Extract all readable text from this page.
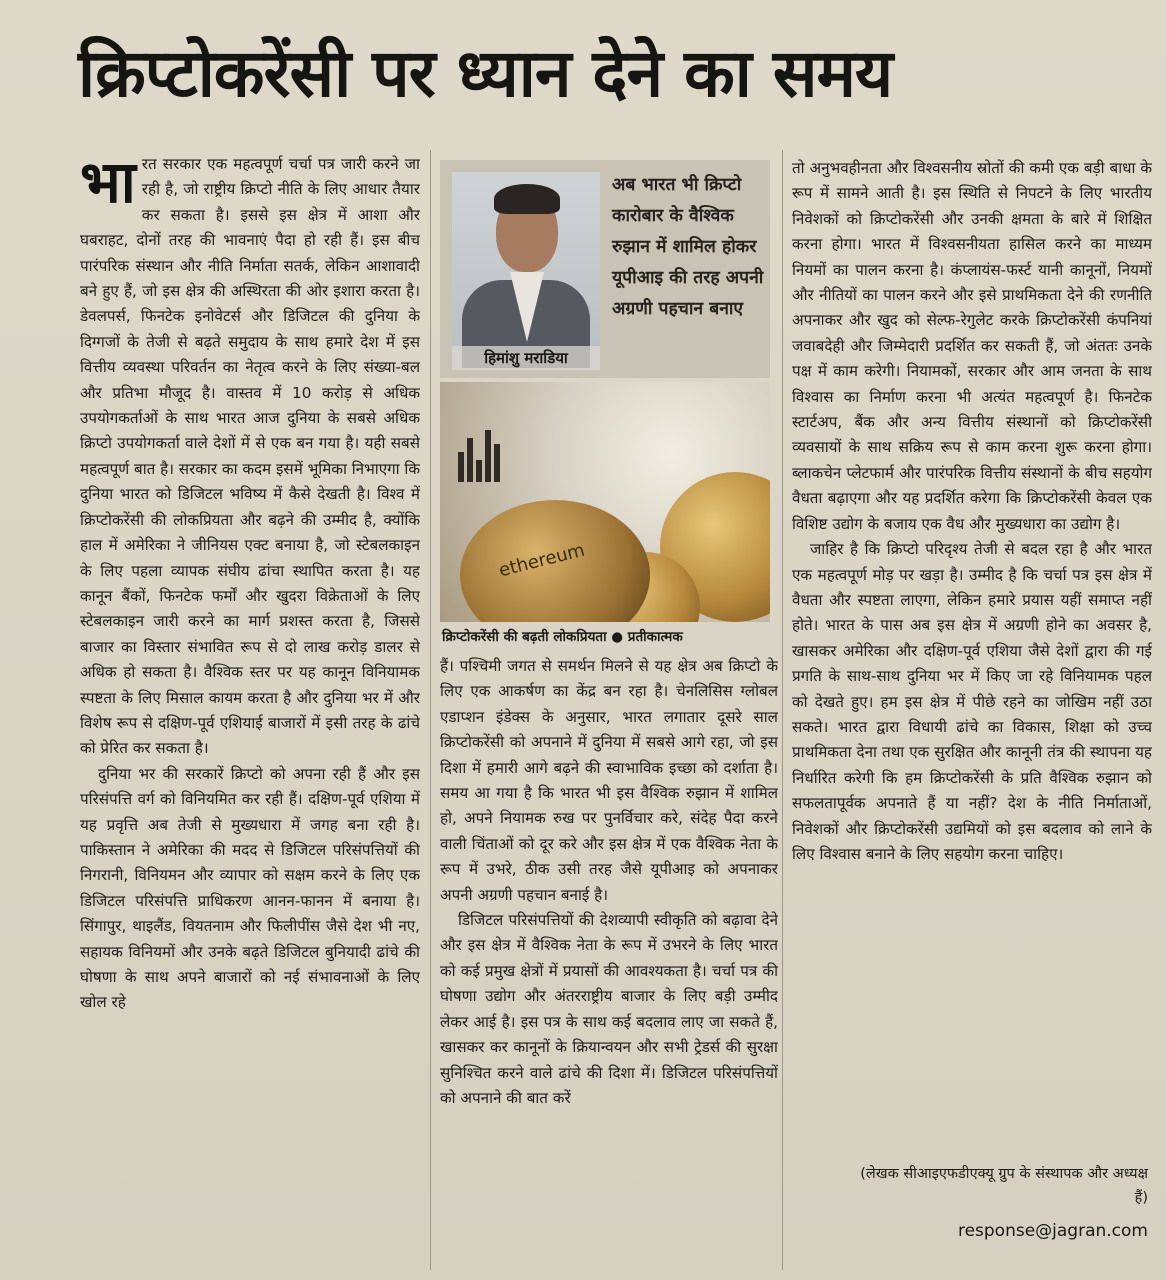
क्रिप्टोकरेंसी पर ध्यान देने का समय

भारत सरकार एक महत्वपूर्ण चर्चा पत्र जारी करने जा रही है, जो राष्ट्रीय क्रिप्टो नीति के लिए आधार तैयार कर सकता है। इससे इस क्षेत्र में आशा और घबराहट, दोनों तरह की भावनाएं पैदा हो रही हैं। इस बीच पारंपरिक संस्थान और नीति निर्माता सतर्क, लेकिन आशावादी बने हुए हैं, जो इस क्षेत्र की अस्थिरता की ओर इशारा करता है। डेवलपर्स, फिनटेक इनोवेटर्स और डिजिटल की दुनिया के दिग्गजों के तेजी से बढ़ते समुदाय के साथ हमारे देश में इस वित्तीय व्यवस्था परिवर्तन का नेतृत्व करने के लिए संख्या-बल और प्रतिभा मौजूद है। वास्तव में 10 करोड़ से अधिक उपयोगकर्ताओं के साथ भारत आज दुनिया के सबसे अधिक क्रिप्टो उपयोगकर्ता वाले देशों में से एक बन गया है। यही सबसे महत्वपूर्ण बात है। सरकार का कदम इसमें भूमिका निभाएगा कि दुनिया भारत को डिजिटल भविष्य में कैसे देखती है। विश्व में क्रिप्टोकरेंसी की लोकप्रियता और बढ़ने की उम्मीद है, क्योंकि हाल में अमेरिका ने जीनियस एक्ट बनाया है, जो स्टेबलकाइन के लिए पहला व्यापक संघीय ढांचा स्थापित करता है। यह कानून बैंकों, फिनटेक फर्मों और खुदरा विक्रेताओं के लिए स्टेबलकाइन जारी करने का मार्ग प्रशस्त करता है, जिससे बाजार का विस्तार संभावित रूप से दो लाख करोड़ डालर से अधिक हो सकता है। वैश्विक स्तर पर यह कानून विनियामक स्पष्टता के लिए मिसाल कायम करता है और दुनिया भर में और विशेष रूप से दक्षिण-पूर्व एशियाई बाजारों में इसी तरह के ढांचे को प्रेरित कर सकता है।

दुनिया भर की सरकारें क्रिप्टो को अपना रही हैं और इस परिसंपत्ति वर्ग को विनियमित कर रही हैं। दक्षिण-पूर्व एशिया में यह प्रवृत्ति अब तेजी से मुख्यधारा में जगह बना रही है। पाकिस्तान ने अमेरिका की मदद से डिजिटल परिसंपत्तियों की निगरानी, विनियमन और व्यापार को सक्षम करने के लिए एक डिजिटल परिसंपत्ति प्राधिकरण आनन-फानन में बनाया है। सिंगापुर, थाइलैंड, वियतनाम और फिलीपींस जैसे देश भी नए, सहायक विनियमों और उनके बढ़ते डिजिटल बुनियादी ढांचे की घोषणा के साथ अपने बाजारों को नई संभावनाओं के लिए खोल रहे

हिमांशु मराडिया
अब भारत भी क्रिप्टो कारोबार के वैश्विक रुझान में शामिल होकर यूपीआइ की तरह अपनी अग्रणी पहचान बनाए
ethereum
क्रिप्टोकरेंसी की बढ़ती लोकप्रियता ● प्रतीकात्मक

हैं। पश्चिमी जगत से समर्थन मिलने से यह क्षेत्र अब क्रिप्टो के लिए एक आकर्षण का केंद्र बन रहा है। चेनलिसिस ग्लोबल एडाप्शन इंडेक्स के अनुसार, भारत लगातार दूसरे साल क्रिप्टोकरेंसी को अपनाने में दुनिया में सबसे आगे रहा, जो इस दिशा में हमारी आगे बढ़ने की स्वाभाविक इच्छा को दर्शाता है। समय आ गया है कि भारत भी इस वैश्विक रुझान में शामिल हो, अपने नियामक रुख पर पुनर्विचार करे, संदेह पैदा करने वाली चिंताओं को दूर करे और इस क्षेत्र में एक वैश्विक नेता के रूप में उभरे, ठीक उसी तरह जैसे यूपीआइ को अपनाकर अपनी अग्रणी पहचान बनाई है।

डिजिटल परिसंपत्तियों की देशव्यापी स्वीकृति को बढ़ावा देने और इस क्षेत्र में वैश्विक नेता के रूप में उभरने के लिए भारत को कई प्रमुख क्षेत्रों में प्रयासों की आवश्यकता है। चर्चा पत्र की घोषणा उद्योग और अंतरराष्ट्रीय बाजार के लिए बड़ी उम्मीद लेकर आई है। इस पत्र के साथ कई बदलाव लाए जा सकते हैं, खासकर कर कानूनों के क्रियान्वयन और सभी ट्रेडर्स की सुरक्षा सुनिश्चित करने वाले ढांचे की दिशा में। डिजिटल परिसंपत्तियों को अपनाने की बात करें

तो अनुभवहीनता और विश्वसनीय स्रोतों की कमी एक बड़ी बाधा के रूप में सामने आती है। इस स्थिति से निपटने के लिए भारतीय निवेशकों को क्रिप्टोकरेंसी और उनकी क्षमता के बारे में शिक्षित करना होगा। भारत में विश्वसनीयता हासिल करने का माध्यम नियमों का पालन करना है। कंप्लायंस-फर्स्ट यानी कानूनों, नियमों और नीतियों का पालन करने और इसे प्राथमिकता देने की रणनीति अपनाकर और खुद को सेल्फ-रेगुलेट करके क्रिप्टोकरेंसी कंपनियां जवाबदेही और जिम्मेदारी प्रदर्शित कर सकती हैं, जो अंततः उनके पक्ष में काम करेगी। नियामकों, सरकार और आम जनता के साथ विश्वास का निर्माण करना भी अत्यंत महत्वपूर्ण है। फिनटेक स्टार्टअप, बैंक और अन्य वित्तीय संस्थानों को क्रिप्टोकरेंसी व्यवसायों के साथ सक्रिय रूप से काम करना शुरू करना होगा। ब्लाकचेन प्लेटफार्म और पारंपरिक वित्तीय संस्थानों के बीच सहयोग वैधता बढ़ाएगा और यह प्रदर्शित करेगा कि क्रिप्टोकरेंसी केवल एक विशिष्ट उद्योग के बजाय एक वैध और मुख्यधारा का उद्योग है।

जाहिर है कि क्रिप्टो परिदृश्य तेजी से बदल रहा है और भारत एक महत्वपूर्ण मोड़ पर खड़ा है। उम्मीद है कि चर्चा पत्र इस क्षेत्र में वैधता और स्पष्टता लाएगा, लेकिन हमारे प्रयास यहीं समाप्त नहीं होते। भारत के पास अब इस क्षेत्र में अग्रणी होने का अवसर है, खासकर अमेरिका और दक्षिण-पूर्व एशिया जैसे देशों द्वारा की गई प्रगति के साथ-साथ दुनिया भर में किए जा रहे विनियामक पहल को देखते हुए। हम इस क्षेत्र में पीछे रहने का जोखिम नहीं उठा सकते। भारत द्वारा विधायी ढांचे का विकास, शिक्षा को उच्च प्राथमिकता देना तथा एक सुरक्षित और कानूनी तंत्र की स्थापना यह निर्धारित करेगी कि हम क्रिप्टोकरेंसी के प्रति वैश्विक रुझान को सफलतापूर्वक अपनाते हैं या नहीं? देश के नीति निर्माताओं, निवेशकों और क्रिप्टोकरेंसी उद्यमियों को इस बदलाव को लाने के लिए विश्वास बनाने के लिए सहयोग करना चाहिए।

(लेखक सीआइएफडीएक्यू ग्रुप के संस्थापक और अध्यक्ष हैं)
response@jagran.com
